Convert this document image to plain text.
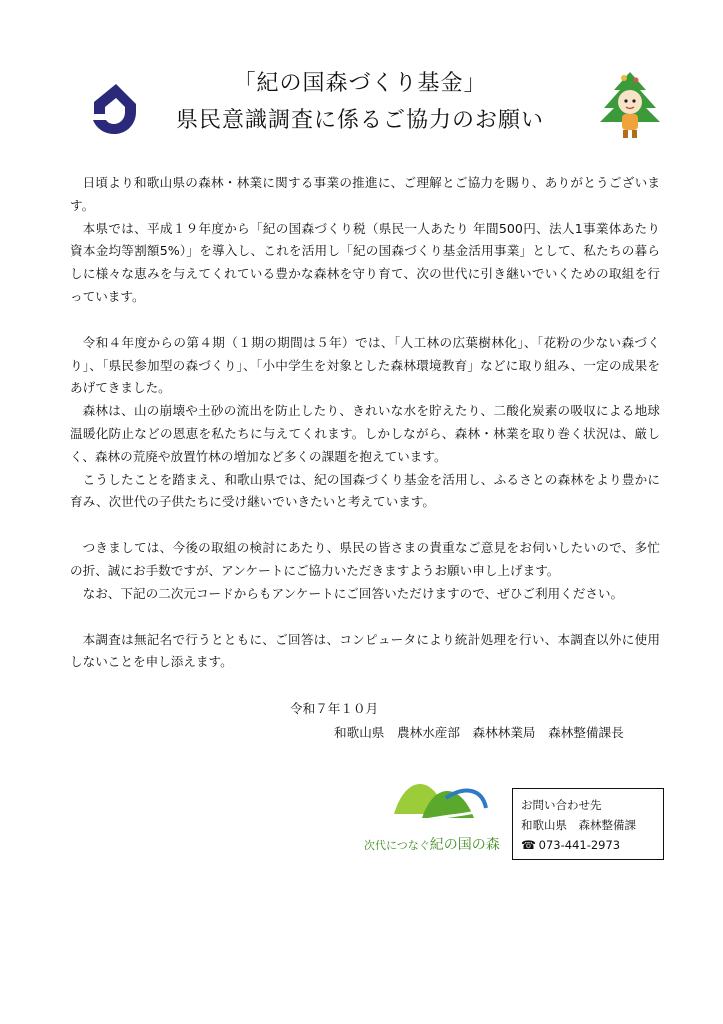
「紀の国森づくり基金」
県民意識調査に係るご協力のお願い

日頃より和歌山県の森林・林業に関する事業の推進に、ご理解とご協力を賜り、ありがとうございます。

本県では、平成１９年度から「紀の国森づくり税（県民一人あたり 年間500円、法人1事業体あたり 資本金均等割額5%）」を導入し、これを活用し「紀の国森づくり基金活用事業」として、私たちの暮らしに様々な恵みを与えてくれている豊かな森林を守り育て、次の世代に引き継いでいくための取組を行っています。

令和４年度からの第４期（１期の期間は５年）では、「人工林の広葉樹林化」、「花粉の少ない森づくり」、「県民参加型の森づくり」、「小中学生を対象とした森林環境教育」などに取り組み、一定の成果をあげてきました。

森林は、山の崩壊や土砂の流出を防止したり、きれいな水を貯えたり、二酸化炭素の吸収による地球温暖化防止などの恩恵を私たちに与えてくれます。しかしながら、森林・林業を取り巻く状況は、厳しく、森林の荒廃や放置竹林の増加など多くの課題を抱えています。

こうしたことを踏まえ、和歌山県では、紀の国森づくり基金を活用し、ふるさとの森林をより豊かに育み、次世代の子供たちに受け継いでいきたいと考えています。

つきましては、今後の取組の検討にあたり、県民の皆さまの貴重なご意見をお伺いしたいので、多忙の折、誠にお手数ですが、アンケートにご協力いただきますようお願い申し上げます。

なお、下記の二次元コードからもアンケートにご回答いただけますので、ぜひご利用ください。

本調査は無記名で行うとともに、ご回答は、コンピュータにより統計処理を行い、本調査以外に使用しないことを申し添えます。

令和７年１０月
和歌山県　農林水産部　森林林業局　森林整備課長
次代につなぐ紀の国の森
お問い合わせ先
和歌山県　森林整備課
☎ 073-441-2973
